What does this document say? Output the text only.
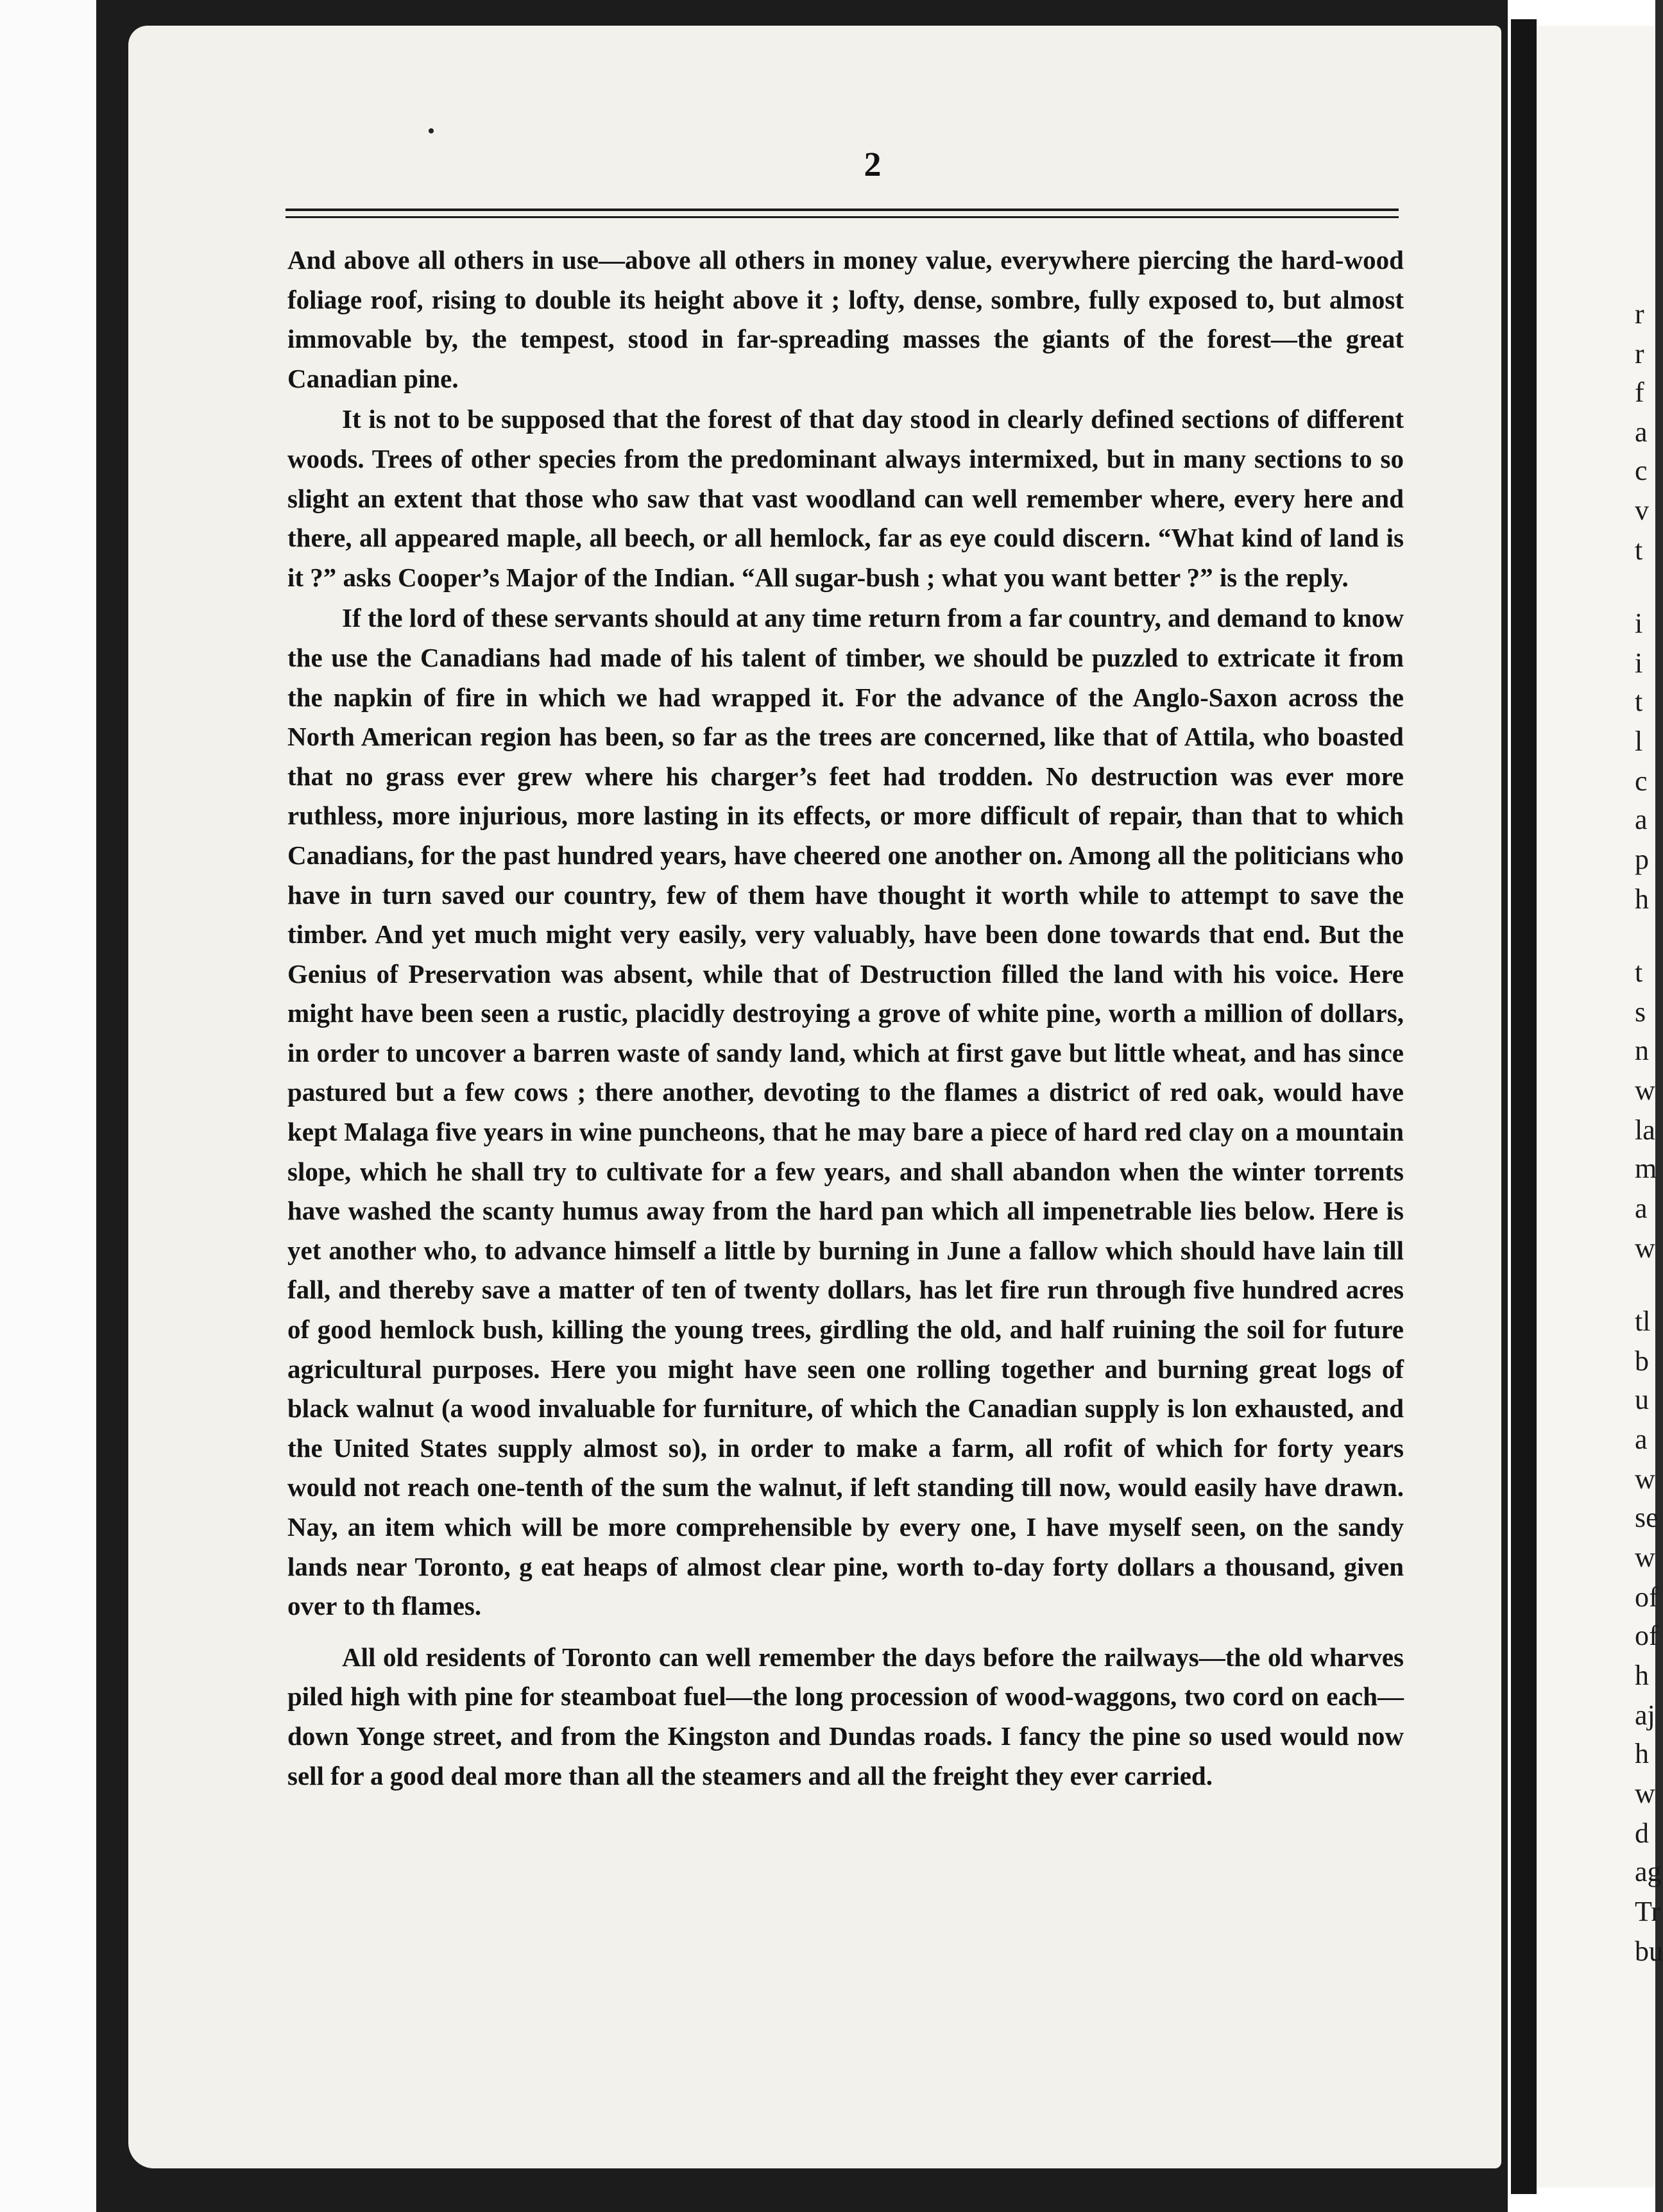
r
r
f
a
c
v
t
i
i
t
l
c
a
p
h
t
s
n
w
la
m
a
w
tl
b
u
a
w
se
w
of
of
h
aj
h
w
d
ag
Tr
bu
2

And above all others in use—above all others in money value, everywhere piercing the hard-wood foliage roof, rising to double its height above it ; lofty, dense, sombre, fully exposed to, but almost immovable by, the tempest, stood in far-spreading masses the giants of the forest—the great Canadian pine.

It is not to be supposed that the forest of that day stood in clearly defined sections of different woods. Trees of other species from the predominant always intermixed, but in many sections to so slight an extent that those who saw that vast woodland can well remember where, every here and there, all appeared maple, all beech, or all hemlock, far as eye could discern. “What kind of land is it ?” asks Cooper’s Major of the Indian. “All sugar-bush ; what you want better ?” is the reply.

If the lord of these servants should at any time return from a far country, and demand to know the use the Canadians had made of his talent of timber, we should be puzzled to extricate it from the napkin of fire in which we had wrapped it. For the advance of the Anglo-Saxon across the North American region has been, so far as the trees are concerned, like that of Attila, who boasted that no grass ever grew where his charger’s feet had trodden. No destruction was ever more ruthless, more injurious, more lasting in its effects, or more difficult of repair, than that to which Canadians, for the past hundred years, have cheered one another on. Among all the politicians who have in turn saved our country, few of them have thought it worth while to attempt to save the timber. And yet much might very easily, very valuably, have been done towards that end. But the Genius of Preservation was absent, while that of Destruction filled the land with his voice. Here might have been seen a rustic, placidly destroying a grove of white pine, worth a million of dollars, in order to uncover a barren waste of sandy land, which at first gave but little wheat, and has since pastured but a few cows ; there another, devoting to the flames a district of red oak, would have kept Malaga five years in wine puncheons, that he may bare a piece of hard red clay on a mountain slope, which he shall try to cultivate for a few years, and shall abandon when the winter torrents have washed the scanty humus away from the hard pan which all impenetrable lies below. Here is yet another who, to advance himself a little by burning in June a fallow which should have lain till fall, and thereby save a matter of ten of twenty dollars, has let fire run through five hundred acres of good hemlock bush, killing the young trees, girdling the old, and half ruining the soil for future agricultural purposes. Here you might have seen one rolling together and burning great logs of black walnut (a wood invaluable for furniture, of which the Canadian supply is lon exhausted, and the United States supply almost so), in order to make a farm, all rofit of which for forty years would not reach one-tenth of the sum the walnut, if left standing till now, would easily have drawn. Nay, an item which will be more comprehensible by every one, I have myself seen, on the sandy lands near Toronto, g eat heaps of almost clear pine, worth to-day forty dollars a thousand, given over to th flames.

All old residents of Toronto can well remember the days before the railways—the old wharves piled high with pine for steamboat fuel—the long procession of wood-waggons, two cord on each—down Yonge street, and from the Kingston and Dundas roads. I fancy the pine so used would now sell for a good deal more than all the steamers and all the freight they ever carried.
